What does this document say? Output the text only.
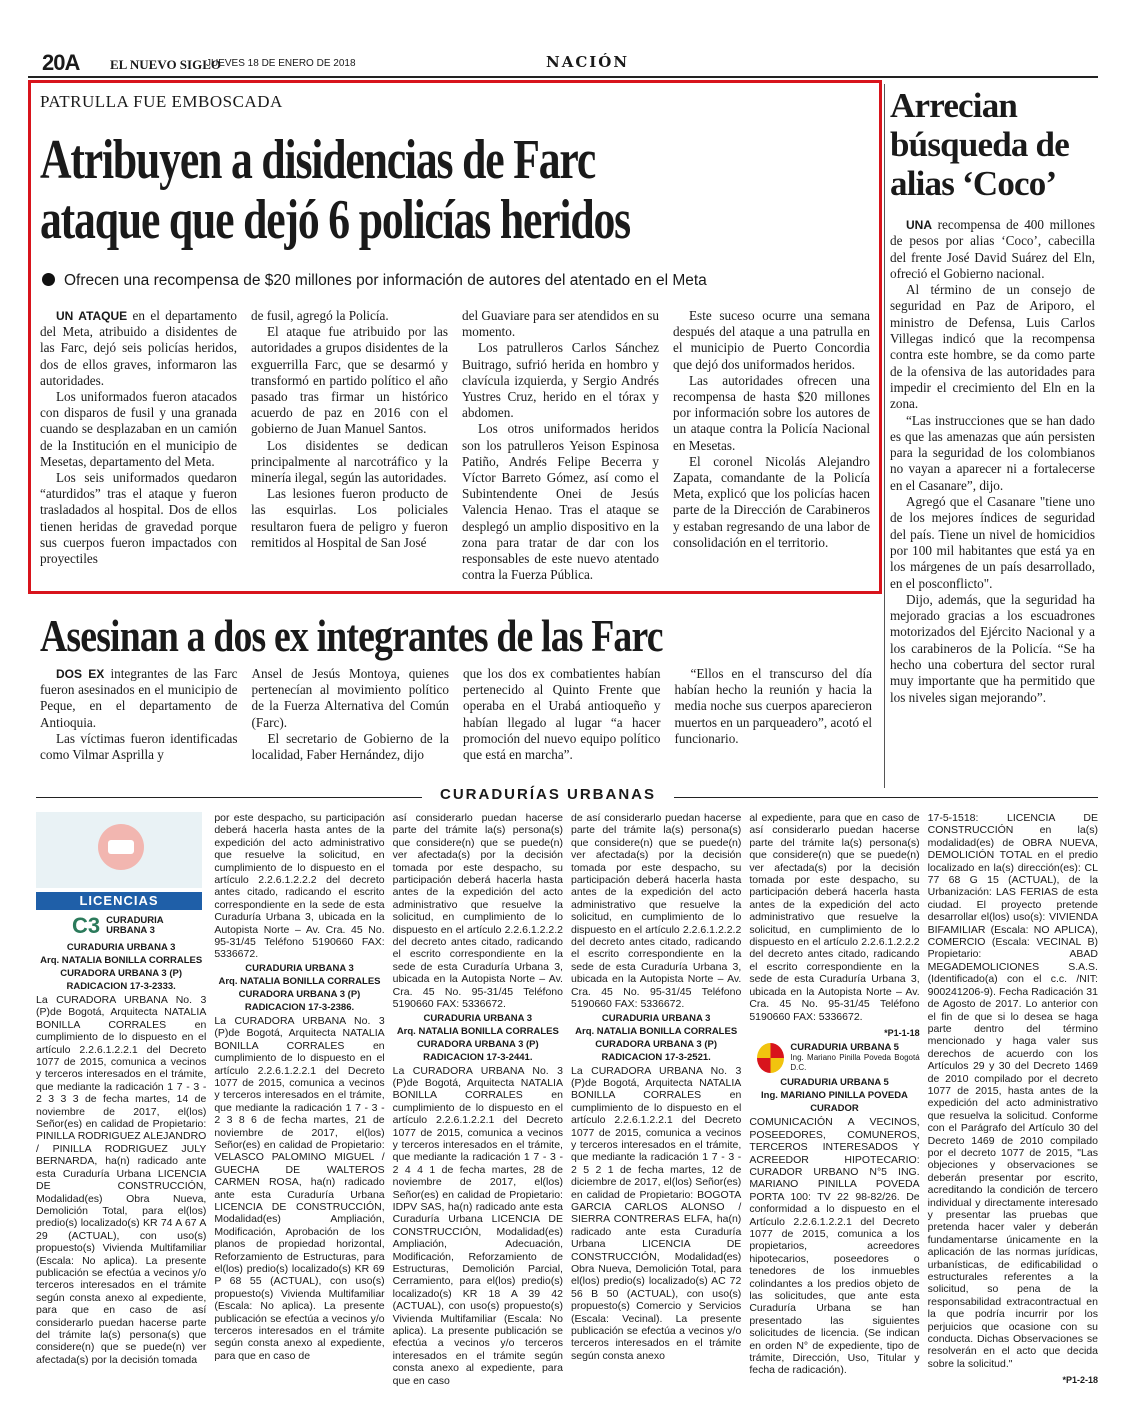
20A EL NUEVO SIGLO
JUEVES 18 DE ENERO DE 2018	NACIÓN
PATRULLA FUE EMBOSCADA
Atribuyen a disidencias de Farc
ataque que dejó 6 policías heridos
Ofrecen una recompensa de $20 millones por información de autores del atentado en el Meta

UN ATAQUE en el departamento del Meta, atribuido a disidentes de las Farc, dejó seis policías heridos, dos de ellos graves, informaron las autoridades.

Los uniformados fueron atacados con disparos de fusil y una granada cuando se desplazaban en un camión de la Institución en el municipio de Mesetas, departamento del Meta.

Los seis uniformados quedaron “aturdidos” tras el ataque y fueron trasladados al hospital. Dos de ellos tienen heridas de gravedad porque sus cuerpos fueron impactados con proyectiles

de fusil, agregó la Policía.

El ataque fue atribuido por las autoridades a grupos disidentes de la exguerrilla Farc, que se desarmó y transformó en partido político el año pasado tras firmar un histórico acuerdo de paz en 2016 con el gobierno de Juan Manuel Santos.

Los disidentes se dedican principalmente al narcotráfico y la minería ilegal, según las autoridades.

Las lesiones fueron producto de las esquirlas. Los policiales resultaron fuera de peligro y fueron remitidos al Hospital de San José

del Guaviare para ser atendidos en su momento.

Los patrulleros Carlos Sánchez Buitrago, sufrió herida en hombro y clavícula izquierda, y Sergio Andrés Yustres Cruz, herido en el tórax y abdomen.

Los otros uniformados heridos son los patrulleros Yeison Espinosa Patiño, Andrés Felipe Becerra y Víctor Barreto Gómez, así como el Subintendente Onei de Jesús Valencia Henao. Tras el ataque se desplegó un amplio dispositivo en la zona para tratar de dar con los responsables de este nuevo atentado contra la Fuerza Pública.

Este suceso ocurre una semana después del ataque a una patrulla en el municipio de Puerto Concordia que dejó dos uniformados heridos.

Las autoridades ofrecen una recompensa de hasta $20 millones por información sobre los autores de un ataque contra la Policía Nacional en Mesetas.

El coronel Nicolás Alejandro Zapata, comandante de la Policía Meta, explicó que los policías hacen parte de la Dirección de Carabineros y estaban regresando de una labor de consolidación en el territorio.

Arrecian búsqueda de alias ‘Coco’

UNA recompensa de 400 millones de pesos por alias ‘Coco’, cabecilla del frente José David Suárez del Eln, ofreció el Gobierno nacional.

Al término de un consejo de seguridad en Paz de Ariporo, el ministro de Defensa, Luis Carlos Villegas indicó que la recompensa contra este hombre, se da como parte de la ofensiva de las autoridades para impedir el crecimiento del Eln en la zona.

“Las instrucciones que se han dado es que las amenazas que aún persisten para la seguridad de los colombianos no vayan a aparecer ni a fortalecerse en el Casanare”, dijo.

Agregó que el Casanare "tiene uno de los mejores índices de seguridad del país. Tiene un nivel de homicidios por 100 mil habitantes que está ya en los márgenes de un país desarrollado, en el posconflicto".

Dijo, además, que la seguridad ha mejorado gracias a los escuadrones motorizados del Ejército Nacional y a los carabineros de la Policía. “Se ha hecho una cobertura del sector rural muy importante que ha permitido que los niveles sigan mejorando”.

Asesinan a dos ex integrantes de las Farc

DOS EX integrantes de las Farc fueron asesinados en el municipio de Peque, en el departamento de Antioquia.

Las víctimas fueron identificadas como Vilmar Asprilla y

Ansel de Jesús Montoya, quienes pertenecían al movimiento político de la Fuerza Alternativa del Común (Farc).

El secretario de Gobierno de la localidad, Faber Hernández, dijo

que los dos ex combatientes habían pertenecido al Quinto Frente que operaba en el Urabá antioqueño y habían llegado al lugar “a hacer promoción del nuevo equipo político que está en marcha”.

“Ellos en el transcurso del día habían hecho la reunión y hacia la media noche sus cuerpos aparecieron muertos en un parqueadero”, acotó el funcionario.

CURADURÍAS URBANAS
LICENCIAS
C3 CURADURIA URBANA 3
CURADURIA URBANA 3
Arq. NATALIA BONILLA CORRALES
CURADORA URBANA 3 (P)
RADICACION 17-3-2333.

La CURADORA URBANA No. 3 (P)de Bogotá, Arquitecta NATALIA BONILLA CORRALES en cumplimiento de lo dispuesto en el artículo 2.2.6.1.2.2.1 del Decreto 1077 de 2015, comunica a vecinos y terceros interesados en el trámite, que mediante la radicación 1 7 - 3 - 2 3 3 3 de fecha martes, 14 de noviembre de 2017, el(los) Señor(es) en calidad de Propietario: PINILLA RODRIGUEZ ALEJANDRO / PINILLA RODRIGUEZ JULY BERNARDA, ha(n) radicado ante esta Curaduría Urbana LICENCIA DE CONSTRUCCIÓN, Modalidad(es) Obra Nueva, Demolición Total, para el(los) predio(s) localizado(s) KR 74 A 67 A 29 (ACTUAL), con uso(s) propuesto(s) Vivienda Multifamiliar (Escala: No aplica). La presente publicación se efectúa a vecinos y/o terceros interesados en el trámite según consta anexo al expediente, para que en caso de así considerarlo puedan hacerse parte del trámite la(s) persona(s) que considere(n) que se puede(n) ver afectada(s) por la decisión tomada

por este despacho, su participación deberá hacerla hasta antes de la expedición del acto administrativo que resuelve la solicitud, en cumplimiento de lo dispuesto en el artículo 2.2.6.1.2.2.2 del decreto antes citado, radicando el escrito correspondiente en la sede de esta Curaduría Urbana 3, ubicada en la Autopista Norte – Av. Cra. 45 No. 95-31/45 Teléfono 5190660 FAX: 5336672.

CURADURIA URBANA 3
Arq. NATALIA BONILLA CORRALES
CURADORA URBANA 3 (P)
RADICACION 17-3-2386.

La CURADORA URBANA No. 3 (P)de Bogotá, Arquitecta NATALIA BONILLA CORRALES en cumplimiento de lo dispuesto en el artículo 2.2.6.1.2.2.1 del Decreto 1077 de 2015, comunica a vecinos y terceros interesados en el trámite, que mediante la radicación 1 7 - 3 - 2 3 8 6 de fecha martes, 21 de noviembre de 2017, el(los) Señor(es) en calidad de Propietario: VELASCO PALOMINO MIGUEL / GUECHA DE WALTEROS CARMEN ROSA, ha(n) radicado ante esta Curaduría Urbana LICENCIA DE CONSTRUCCIÓN, Modalidad(es) Ampliación, Modificación, Aprobación de los planos de propiedad horizontal, Reforzamiento de Estructuras, para el(los) predio(s) localizado(s) KR 69 P 68 55 (ACTUAL), con uso(s) propuesto(s) Vivienda Multifamiliar (Escala: No aplica). La presente publicación se efectúa a vecinos y/o terceros interesados en el trámite según consta anexo al expediente, para que en caso de

así considerarlo puedan hacerse parte del trámite la(s) persona(s) que considere(n) que se puede(n) ver afectada(s) por la decisión tomada por este despacho, su participación deberá hacerla hasta antes de la expedición del acto administrativo que resuelve la solicitud, en cumplimiento de lo dispuesto en el artículo 2.2.6.1.2.2.2 del decreto antes citado, radicando el escrito correspondiente en la sede de esta Curaduría Urbana 3, ubicada en la Autopista Norte – Av. Cra. 45 No. 95-31/45 Teléfono 5190660 FAX: 5336672.

CURADURIA URBANA 3
Arq. NATALIA BONILLA CORRALES
CURADORA URBANA 3 (P)
RADICACION 17-3-2441.

La CURADORA URBANA No. 3 (P)de Bogotá, Arquitecta NATALIA BONILLA CORRALES en cumplimiento de lo dispuesto en el artículo 2.2.6.1.2.2.1 del Decreto 1077 de 2015, comunica a vecinos y terceros interesados en el trámite, que mediante la radicación 1 7 - 3 - 2 4 4 1 de fecha martes, 28 de noviembre de 2017, el(los) Señor(es) en calidad de Propietario: IDPV SAS, ha(n) radicado ante esta Curaduría Urbana LICENCIA DE CONSTRUCCIÓN, Modalidad(es) Ampliación, Adecuación, Modificación, Reforzamiento de Estructuras, Demolición Parcial, Cerramiento, para el(los) predio(s) localizado(s) KR 18 A 39 42 (ACTUAL), con uso(s) propuesto(s) Vivienda Multifamiliar (Escala: No aplica). La presente publicación se efectúa a vecinos y/o terceros interesados en el trámite según consta anexo al expediente, para que en caso

de así considerarlo puedan hacerse parte del trámite la(s) persona(s) que considere(n) que se puede(n) ver afectada(s) por la decisión tomada por este despacho, su participación deberá hacerla hasta antes de la expedición del acto administrativo que resuelve la solicitud, en cumplimiento de lo dispuesto en el artículo 2.2.6.1.2.2.2 del decreto antes citado, radicando el escrito correspondiente en la sede de esta Curaduría Urbana 3, ubicada en la Autopista Norte – Av. Cra. 45 No. 95-31/45 Teléfono 5190660 FAX: 5336672.

CURADURIA URBANA 3
Arq. NATALIA BONILLA CORRALES
CURADORA URBANA 3 (P)
RADICACION 17-3-2521.

La CURADORA URBANA No. 3 (P)de Bogotá, Arquitecta NATALIA BONILLA CORRALES en cumplimiento de lo dispuesto en el artículo 2.2.6.1.2.2.1 del Decreto 1077 de 2015, comunica a vecinos y terceros interesados en el trámite, que mediante la radicación 1 7 - 3 - 2 5 2 1 de fecha martes, 12 de diciembre de 2017, el(los) Señor(es) en calidad de Propietario: BOGOTA GARCIA CARLOS ALONSO / SIERRA CONTRERAS ELFA, ha(n) radicado ante esta Curaduría Urbana LICENCIA DE CONSTRUCCIÓN, Modalidad(es) Obra Nueva, Demolición Total, para el(los) predio(s) localizado(s) AC 72 56 B 50 (ACTUAL), con uso(s) propuesto(s) Comercio y Servicios (Escala: Vecinal). La presente publicación se efectúa a vecinos y/o terceros interesados en el trámite según consta anexo

al expediente, para que en caso de así considerarlo puedan hacerse parte del trámite la(s) persona(s) que considere(n) que se puede(n) ver afectada(s) por la decisión tomada por este despacho, su participación deberá hacerla hasta antes de la expedición del acto administrativo que resuelve la solicitud, en cumplimiento de lo dispuesto en el artículo 2.2.6.1.2.2.2 del decreto antes citado, radicando el escrito correspondiente en la sede de esta Curaduría Urbana 3, ubicada en la Autopista Norte – Av. Cra. 45 No. 95-31/45 Teléfono 5190660 FAX: 5336672.

*P1-1-18
CURADURIA URBANA 5
Ing. Mariano Pinilla Poveda Bogotá D.C.
CURADURIA URBANA 5
Ing. MARIANO PINILLA POVEDA
CURADOR

COMUNICACIÓN A VECINOS, POSEEDORES, COMUNEROS, TERCEROS INTERESADOS Y ACREEDOR HIPOTECARIO: CURADOR URBANO N°5 ING. MARIANO PINILLA POVEDA PORTA 100: TV 22 98-82/26. De conformidad a lo dispuesto en el Artículo 2.2.6.1.2.2.1 del Decreto 1077 de 2015, comunica a los propietarios, acreedores hipotecarios, poseedores o tenedores de los inmuebles colindantes a los predios objeto de las solicitudes, que ante esta Curaduría Urbana se han presentado las siguientes solicitudes de licencia. (Se indican en orden N° de expediente, tipo de trámite, Dirección, Uso, Titular y fecha de radicación).

17-5-1518: LICENCIA DE CONSTRUCCIÓN en la(s) modalidad(es) de OBRA NUEVA, DEMOLICIÓN TOTAL en el predio localizado en la(s) dirección(es): CL 77 68 G 15 (ACTUAL), de la Urbanización: LAS FERIAS de esta ciudad. El proyecto pretende desarrollar el(los) uso(s): VIVIENDA BIFAMILIAR (Escala: NO APLICA), COMERCIO (Escala: VECINAL B) Propietario: ABAD MEGADEMOLICIONES S.A.S. (Identificado(a) con el c.c. /NIT: 900241206-9). Fecha Radicación 31 de Agosto de 2017. Lo anterior con el fin de que si lo desea se haga parte dentro del término mencionado y haga valer sus derechos de acuerdo con los Artículos 29 y 30 del Decreto 1469 de 2010 compilado por el decreto 1077 de 2015, hasta antes de la expedición del acto administrativo que resuelva la solicitud. Conforme con el Parágrafo del Artículo 30 del Decreto 1469 de 2010 compilado por el decreto 1077 de 2015, "Las objeciones y observaciones se deberán presentar por escrito, acreditando la condición de tercero individual y directamente interesado y presentar las pruebas que pretenda hacer valer y deberán fundamentarse únicamente en la aplicación de las normas jurídicas, urbanísticas, de edificabilidad o estructurales referentes a la solicitud, so pena de la responsabilidad extracontractual en la que podría incurrir por los perjuicios que ocasione con su conducta. Dichas Observaciones se resolverán en el acto que decida sobre la solicitud."

*P1-2-18
